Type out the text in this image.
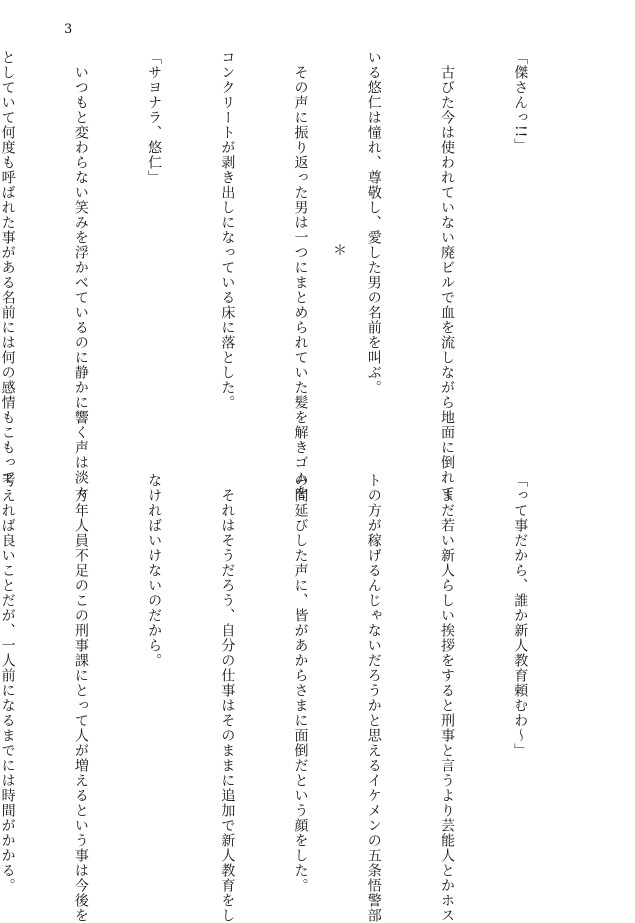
3

「傑さんっ!!」

　古びた今は使われていない廃ビルで血を流しながら地面に倒れて

いる悠仁は憧れ、尊敬し、愛した男の名前を叫ぶ。

　その声に振り返った男は一つにまとめられていた髪を解きゴムを

コンクリートが剥き出しになっている床に落とした。

「サヨナラ、悠仁」

　いつもと変わらない笑みを浮かべているのに静かに響く声は淡々

としていて何度も呼ばれた事がある名前には何の感情もこもって

	＊

「って事だから、誰か新人教育頼むわ〜」

　まだ若い新人らしい挨拶をすると刑事と言うより芸能人とかホス

トの方が稼げるんじゃないだろうかと思えるイケメンの五条悟警部

の間延びした声に、皆があからさまに面倒だという顔をした。

　それはそうだろう、自分の仕事はそのままに追加で新人教育をし

なければいけないのだから。

　万年人員不足のこの刑事課にとって人が増えるという事は今後を

考えれば良いことだが、一人前になるまでには時間がかかる。
